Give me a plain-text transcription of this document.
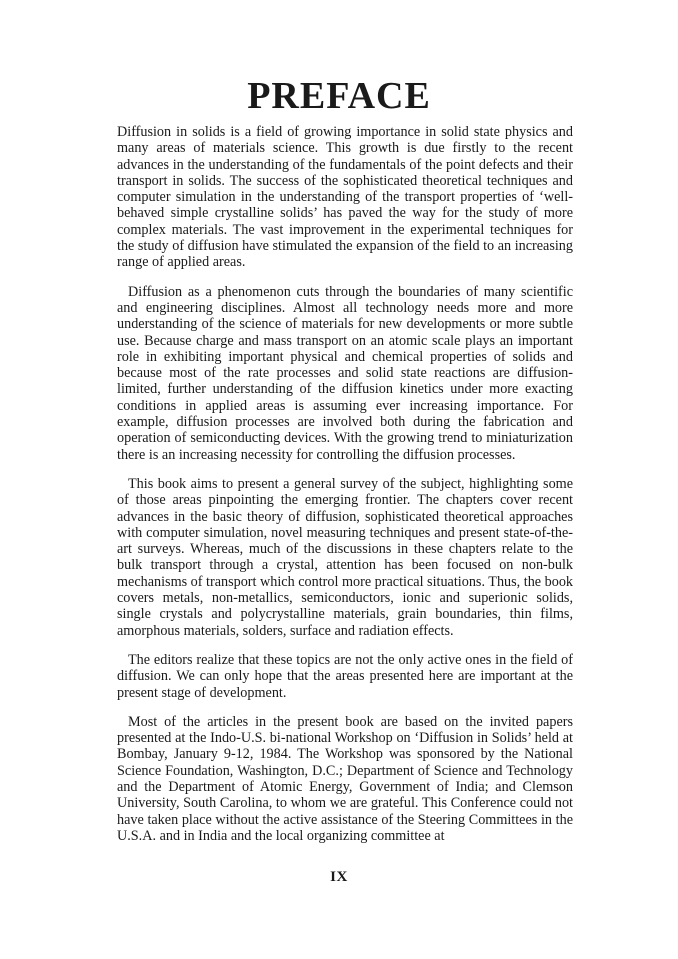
PREFACE

Diffusion in solids is a field of growing importance in solid state physics and many areas of materials science. This growth is due firstly to the recent advances in the understanding of the fundamentals of the point defects and their transport in solids. The success of the sophisticated theoretical techniques and computer simulation in the understanding of the transport properties of ‘well-behaved simple crystalline solids’ has paved the way for the study of more complex materials. The vast improvement in the experimental techniques for the study of diffusion have stimulated the expansion of the field to an increasing range of applied areas.

Diffusion as a phenomenon cuts through the boundaries of many scientific and engineering disciplines. Almost all technology needs more and more understanding of the science of materials for new developments or more subtle use. Because charge and mass transport on an atomic scale plays an important role in exhibiting important physical and chemical properties of solids and because most of the rate processes and solid state reactions are diffusion-limited, further understanding of the diffusion kinetics under more exacting conditions in applied areas is assuming ever increasing importance. For example, diffusion processes are involved both during the fabrication and operation of semiconducting devices. With the growing trend to miniaturization there is an increasing necessity for controlling the diffusion processes.

This book aims to present a general survey of the subject, highlighting some of those areas pinpointing the emerging frontier. The chapters cover recent advances in the basic theory of diffusion, sophisticated theoretical approaches with computer simulation, novel measuring techniques and present state-of-the-art surveys. Whereas, much of the discussions in these chapters relate to the bulk transport through a crystal, attention has been focused on non-bulk mechanisms of transport which control more practical situations. Thus, the book covers metals, non-metallics, semiconductors, ionic and superionic solids, single crystals and polycrystalline materials, grain boundaries, thin films, amorphous materials, solders, surface and radiation effects.

The editors realize that these topics are not the only active ones in the field of diffusion. We can only hope that the areas presented here are important at the present stage of development.

Most of the articles in the present book are based on the invited papers presented at the Indo-U.S. bi-national Workshop on ‘Diffusion in Solids’ held at Bombay, January 9-12, 1984. The Workshop was sponsored by the National Science Foundation, Washington, D.C.; Department of Science and Technology and the Department of Atomic Energy, Government of India; and Clemson University, South Carolina, to whom we are grateful. This Conference could not have taken place without the active assistance of the Steering Committees in the U.S.A. and in India and the local organizing committee at

IX
